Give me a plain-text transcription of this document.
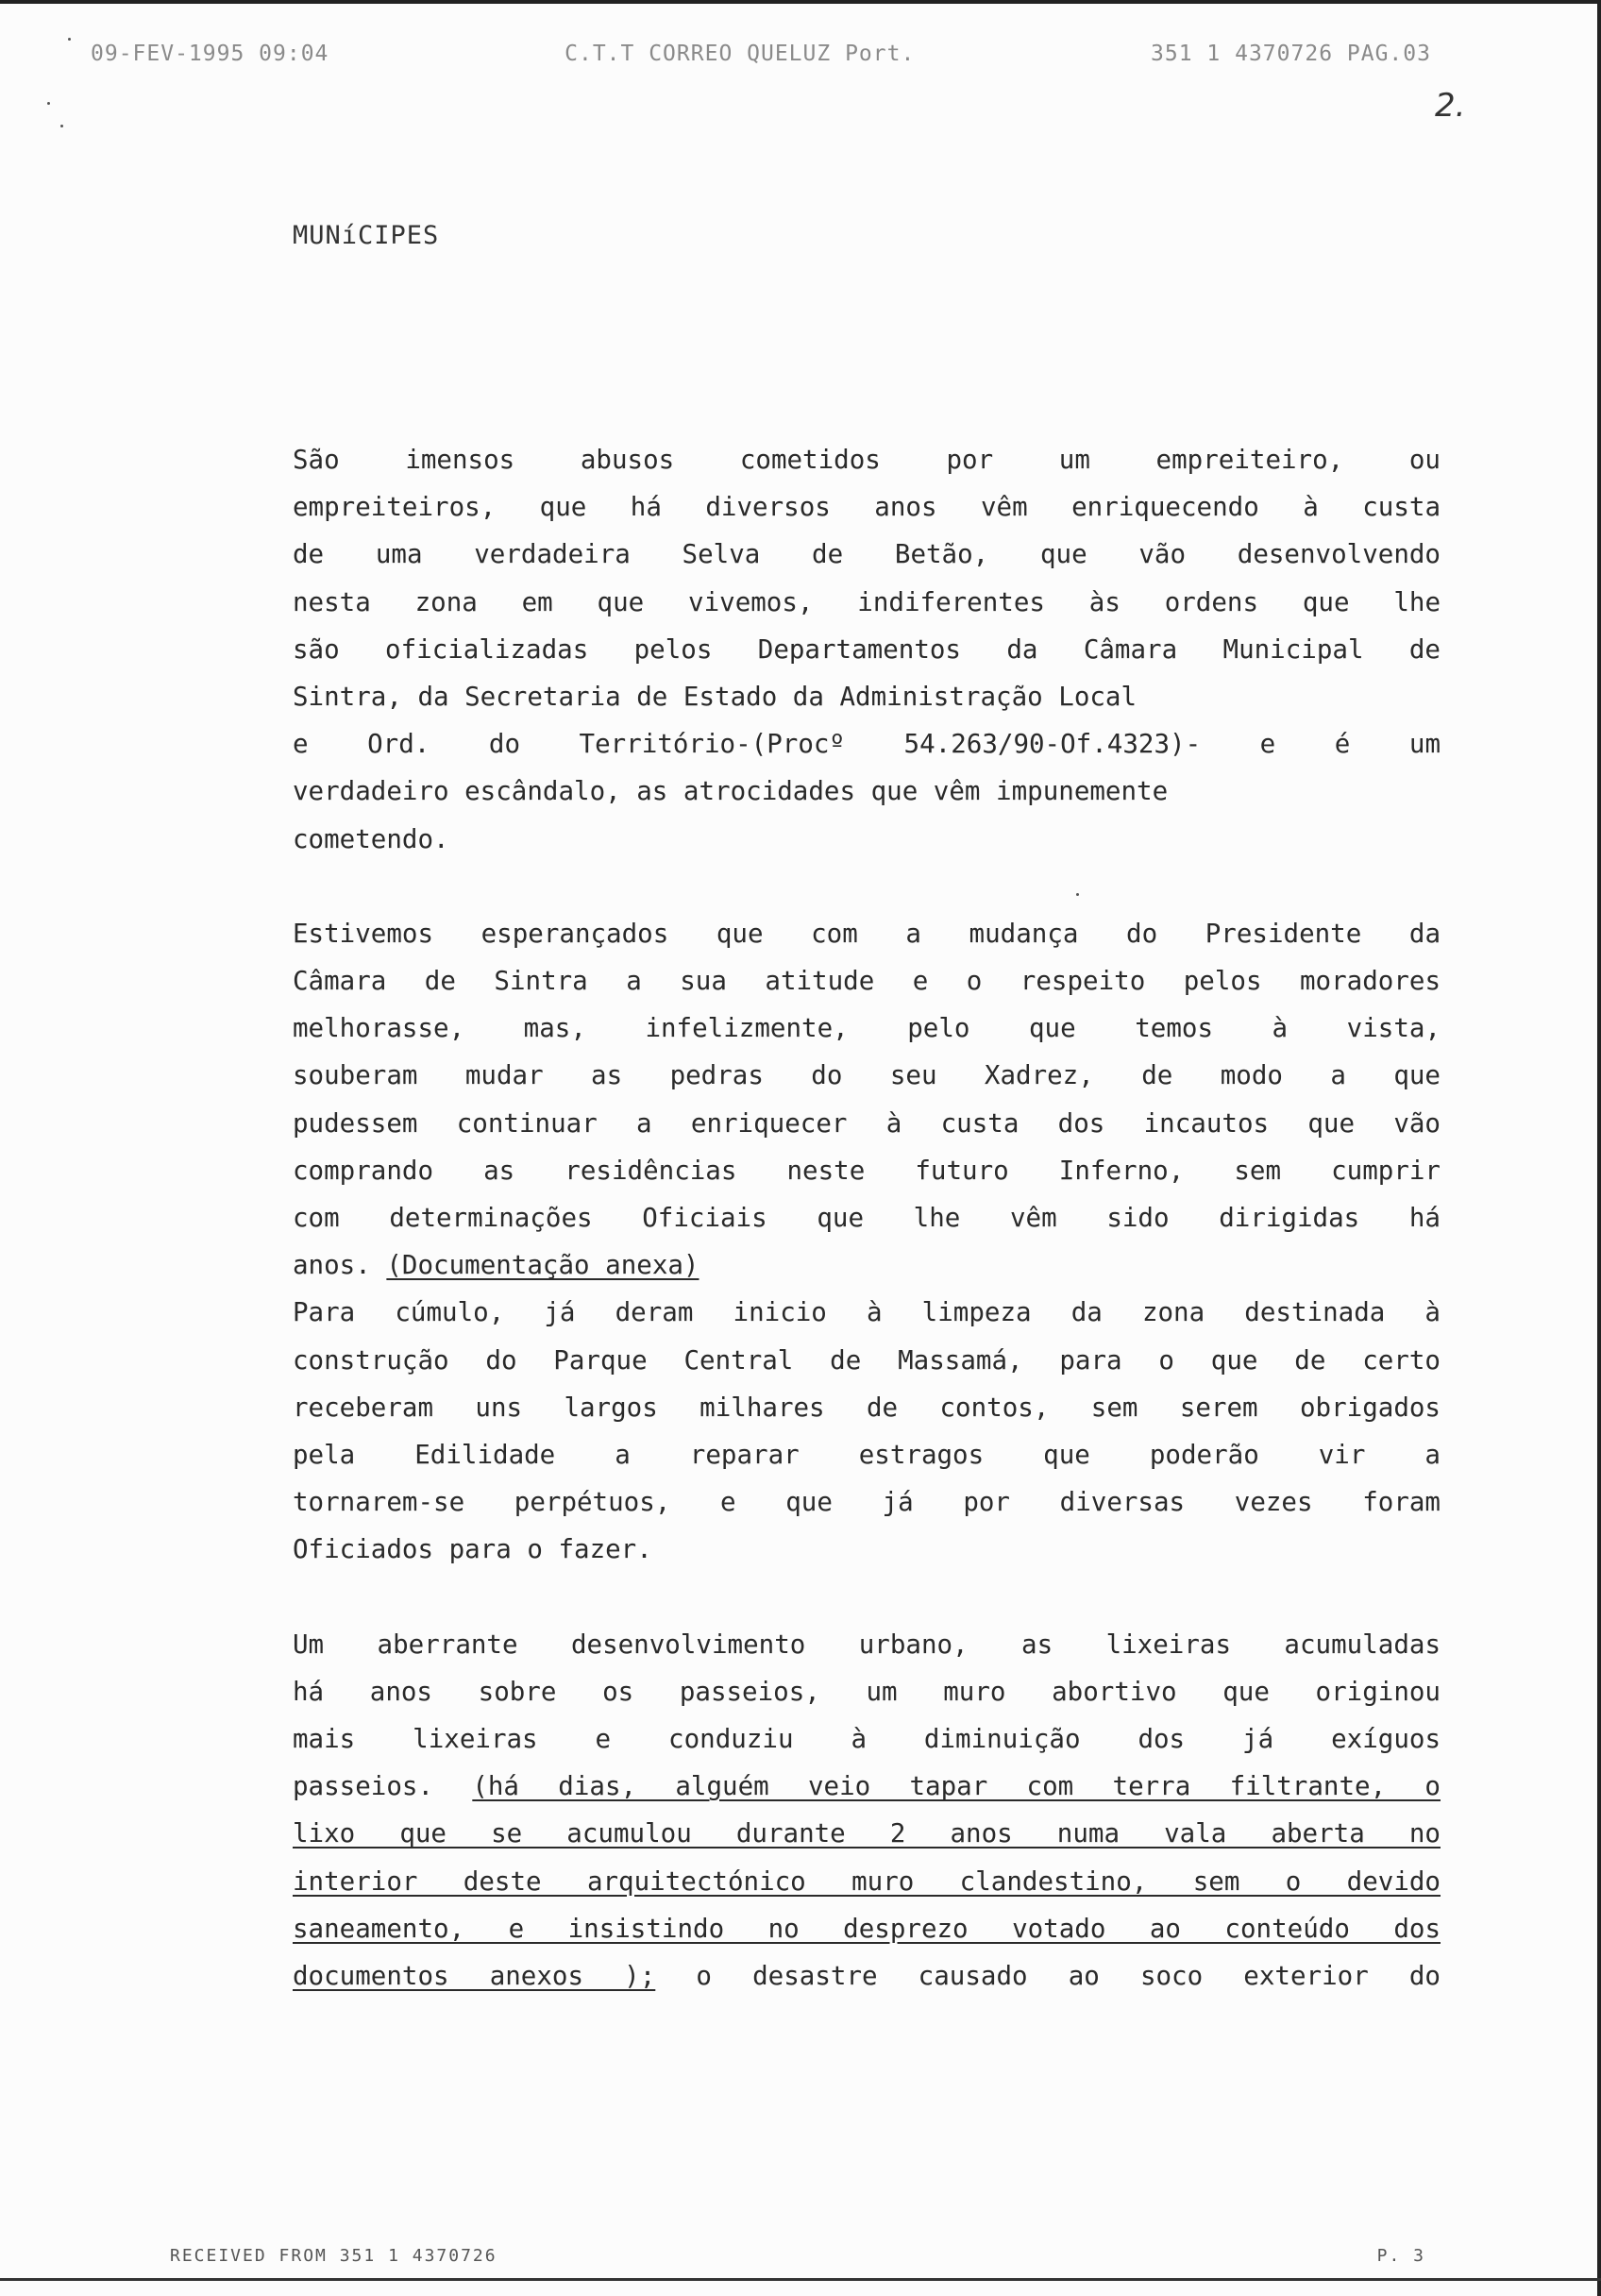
09-FEV-1995 09:04	C.T.T CORREO QUELUZ Port.	351 1 4370726 PAG.03
2.
MUNíCIPES
São imensos abusos cometidos por um empreiteiro, ou
empreiteiros, que há diversos anos vêm enriquecendo à custa
de uma verdadeira Selva de Betão, que vão desenvolvendo
nesta zona em que vivemos, indiferentes às ordens que lhe
são oficializadas pelos Departamentos da Câmara Municipal de
Sintra, da Secretaria de Estado da Administração Local
e Ord. do Território-(Procº 54.263/90-Of.4323)- e é um
verdadeiro escândalo, as atrocidades que vêm impunemente
cometendo.
Estivemos esperançados que com a mudança do Presidente da
Câmara de Sintra a sua atitude e o respeito pelos moradores
melhorasse, mas, infelizmente, pelo que temos à vista,
souberam mudar as pedras do seu Xadrez, de modo a que
pudessem continuar a enriquecer à custa dos incautos que vão
comprando as residências neste futuro Inferno, sem cumprir
com determinações Oficiais que lhe vêm sido dirigidas há
anos. (Documentação anexa)
Para cúmulo, já deram inicio à limpeza da zona destinada à
construção do Parque Central de Massamá, para o que de certo
receberam uns largos milhares de contos, sem serem obrigados
pela Edilidade a reparar estragos que poderão vir a
tornarem-se perpétuos, e que já por diversas vezes foram
Oficiados para o fazer.
Um aberrante desenvolvimento urbano, as lixeiras acumuladas
há anos sobre os passeios, um muro abortivo que originou
mais lixeiras e conduziu à diminuição dos já exíguos
passeios. (há dias, alguém veio tapar com terra filtrante, o
lixo que se acumulou durante 2 anos numa vala aberta no
interior deste arquitectónico muro clandestino, sem o devido
saneamento, e insistindo no desprezo votado ao conteúdo dos
documentos anexos ); o desastre causado ao soco exterior do
RECEIVED FROM 351 1 4370726	P. 3
